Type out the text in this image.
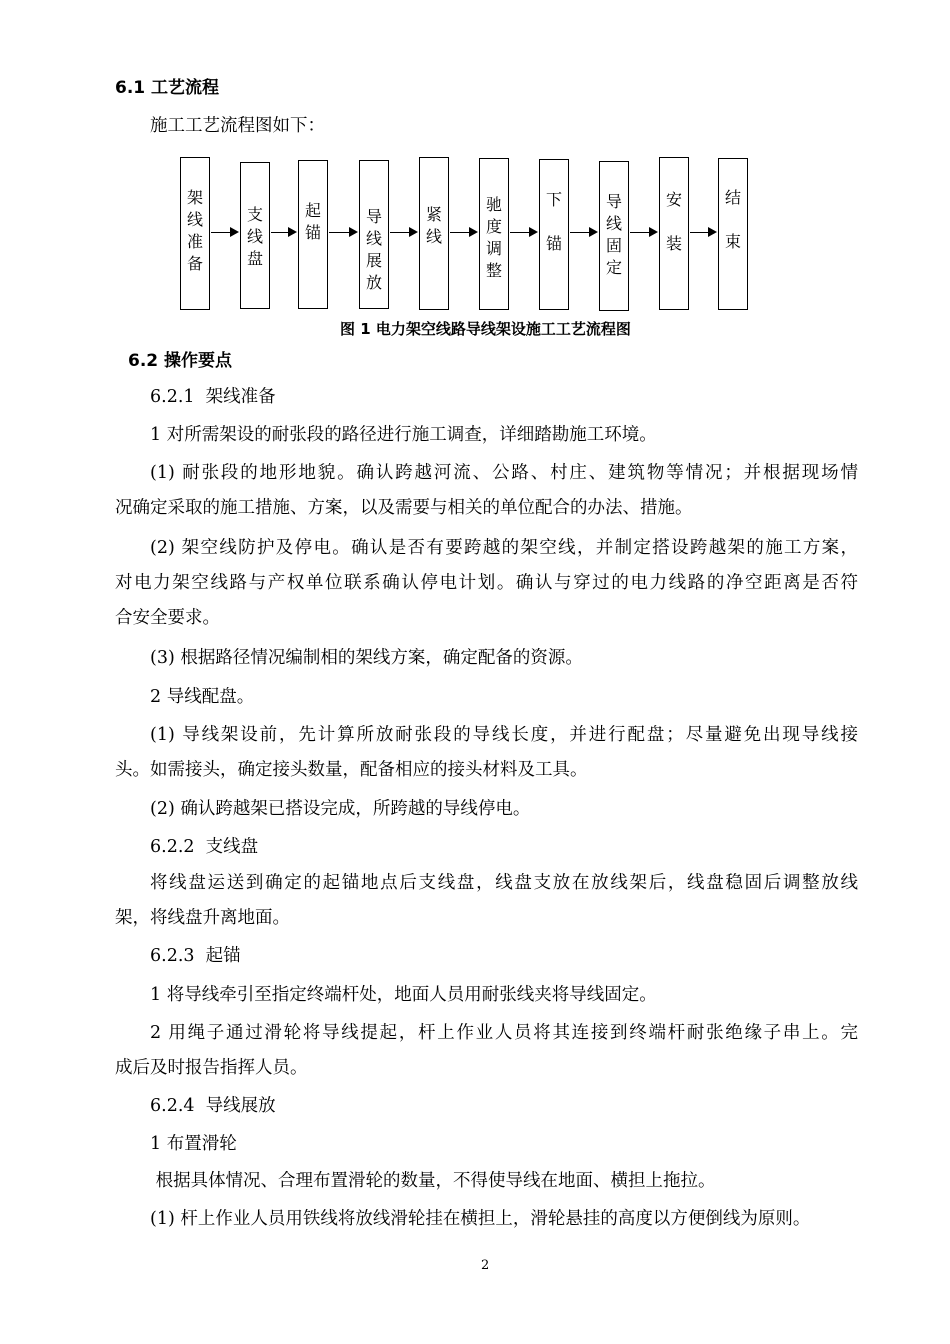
6.1 工艺流程
施工工艺流程图如下：
架
线
准
备
支
线
盘
起
锚
导
线
展
放
紧
线
驰
度
调
整
下

锚
导
线
固
定
安

装
结

束
图 1 电力架空线路导线架设施工工艺流程图
6.2 操作要点
6.2.1  架线准备
1 对所需架设的耐张段的路径进行施工调查，详细踏勘施工环境。
(1) 耐张段的地形地貌。确认跨越河流、公路、村庄、建筑物等情况；并根据现场情
况确定采取的施工措施、方案，以及需要与相关的单位配合的办法、措施。
(2) 架空线防护及停电。确认是否有要跨越的架空线，并制定搭设跨越架的施工方案，
对电力架空线路与产权单位联系确认停电计划。确认与穿过的电力线路的净空距离是否符
合安全要求。
(3) 根据路径情况编制相的架线方案，确定配备的资源。
2 导线配盘。
(1) 导线架设前，先计算所放耐张段的导线长度，并进行配盘；尽量避免出现导线接
头。如需接头，确定接头数量，配备相应的接头材料及工具。
(2) 确认跨越架已搭设完成，所跨越的导线停电。
6.2.2  支线盘
将线盘运送到确定的起锚地点后支线盘，线盘支放在放线架后，线盘稳固后调整放线
架，将线盘升离地面。
6.2.3  起锚
1 将导线牵引至指定终端杆处，地面人员用耐张线夹将导线固定。
2 用绳子通过滑轮将导线提起，杆上作业人员将其连接到终端杆耐张绝缘子串上。完
成后及时报告指挥人员。
6.2.4  导线展放
1 布置滑轮
根据具体情况、合理布置滑轮的数量，不得使导线在地面、横担上拖拉。
(1) 杆上作业人员用铁线将放线滑轮挂在横担上，滑轮悬挂的高度以方便倒线为原则。
2
